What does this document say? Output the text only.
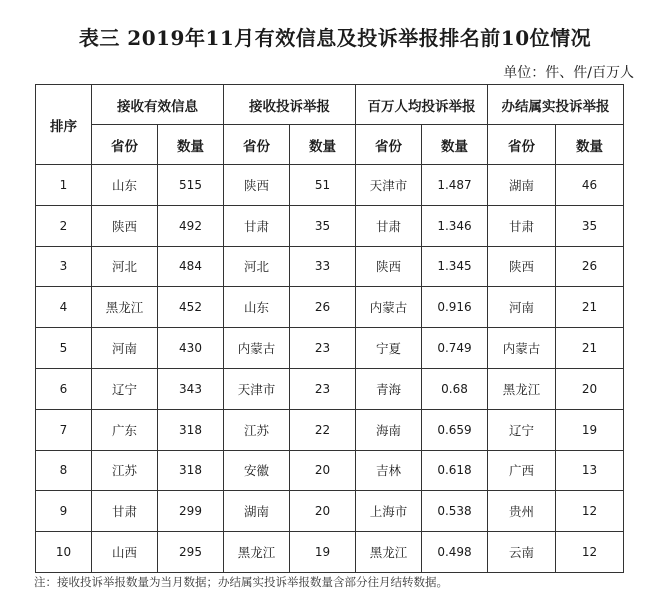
表三 2019年11月有效信息及投诉举报排名前10位情况
单位：件、件/百万人
排序	接收有效信息		接收投诉举报		百万人均投诉举报		办结属实投诉举报	
	省份	数量	省份	数量	省份	数量	省份	数量
1	山东	515	陕西	51	天津市	1.487	湖南	46
2	陕西	492	甘肃	35	甘肃	1.346	甘肃	35
3	河北	484	河北	33	陕西	1.345	陕西	26
4	黑龙江	452	山东	26	内蒙古	0.916	河南	21
5	河南	430	内蒙古	23	宁夏	0.749	内蒙古	21
6	辽宁	343	天津市	23	青海	0.68	黑龙江	20
7	广东	318	江苏	22	海南	0.659	辽宁	19
8	江苏	318	安徽	20	吉林	0.618	广西	13
9	甘肃	299	湖南	20	上海市	0.538	贵州	12
10	山西	295	黑龙江	19	黑龙江	0.498	云南	12
注：接收投诉举报数量为当月数据；办结属实投诉举报数量含部分往月结转数据。
